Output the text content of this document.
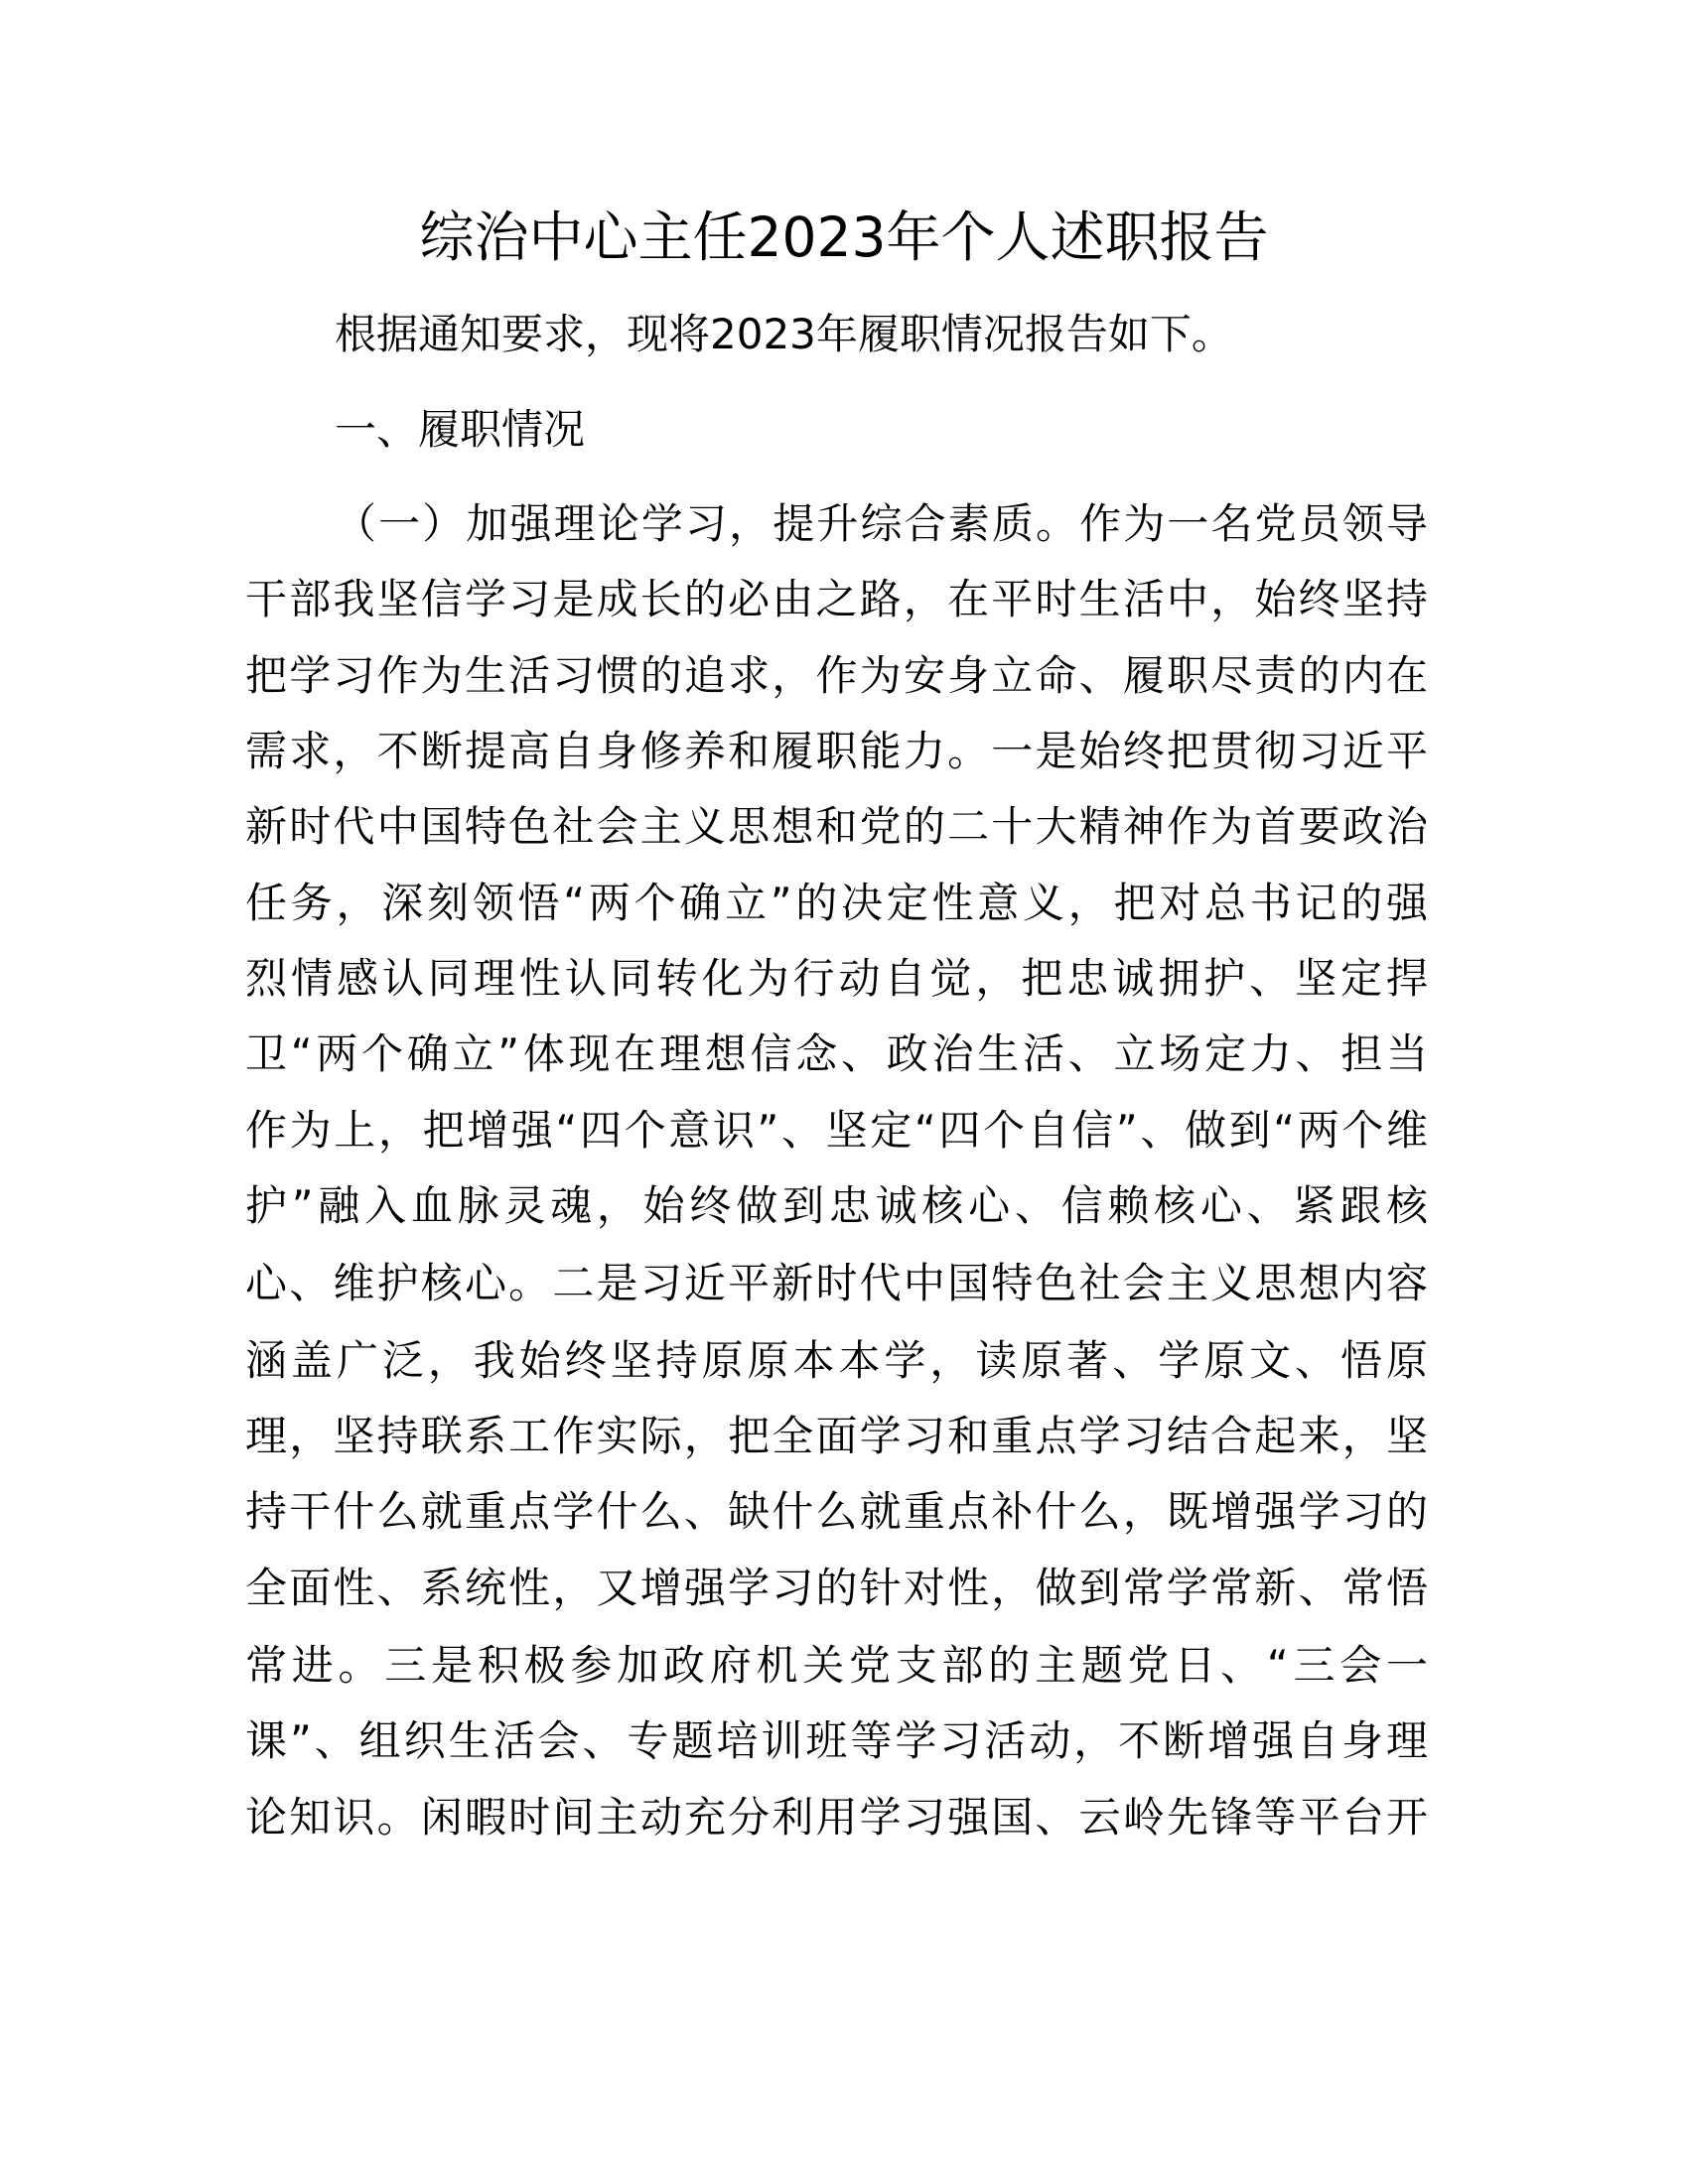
综治中心主任2023年个人述职报告
根据通知要求，现将2023年履职情况报告如下。
一、履职情况
（一）加强理论学习，提升综合素质。作为一名党员领导
干部我坚信学习是成长的必由之路，在平时生活中，始终坚持
把学习作为生活习惯的追求，作为安身立命、履职尽责的内在
需求，不断提高自身修养和履职能力。一是始终把贯彻习近平
新时代中国特色社会主义思想和党的二十大精神作为首要政治
任务，深刻领悟“两个确立”的决定性意义，把对总书记的强
烈情感认同理性认同转化为行动自觉，把忠诚拥护、坚定捍
卫“两个确立”体现在理想信念、政治生活、立场定力、担当
作为上，把增强“四个意识”、坚定“四个自信”、做到“两个维
护”融入血脉灵魂，始终做到忠诚核心、信赖核心、紧跟核
心、维护核心。二是习近平新时代中国特色社会主义思想内容
涵盖广泛，我始终坚持原原本本学，读原著、学原文、悟原
理，坚持联系工作实际，把全面学习和重点学习结合起来，坚
持干什么就重点学什么、缺什么就重点补什么，既增强学习的
全面性、系统性，又增强学习的针对性，做到常学常新、常悟
常进。三是积极参加政府机关党支部的主题党日、“三会一
课”、组织生活会、专题培训班等学习活动，不断增强自身理
论知识。闲暇时间主动充分利用学习强国、云岭先锋等平台开
